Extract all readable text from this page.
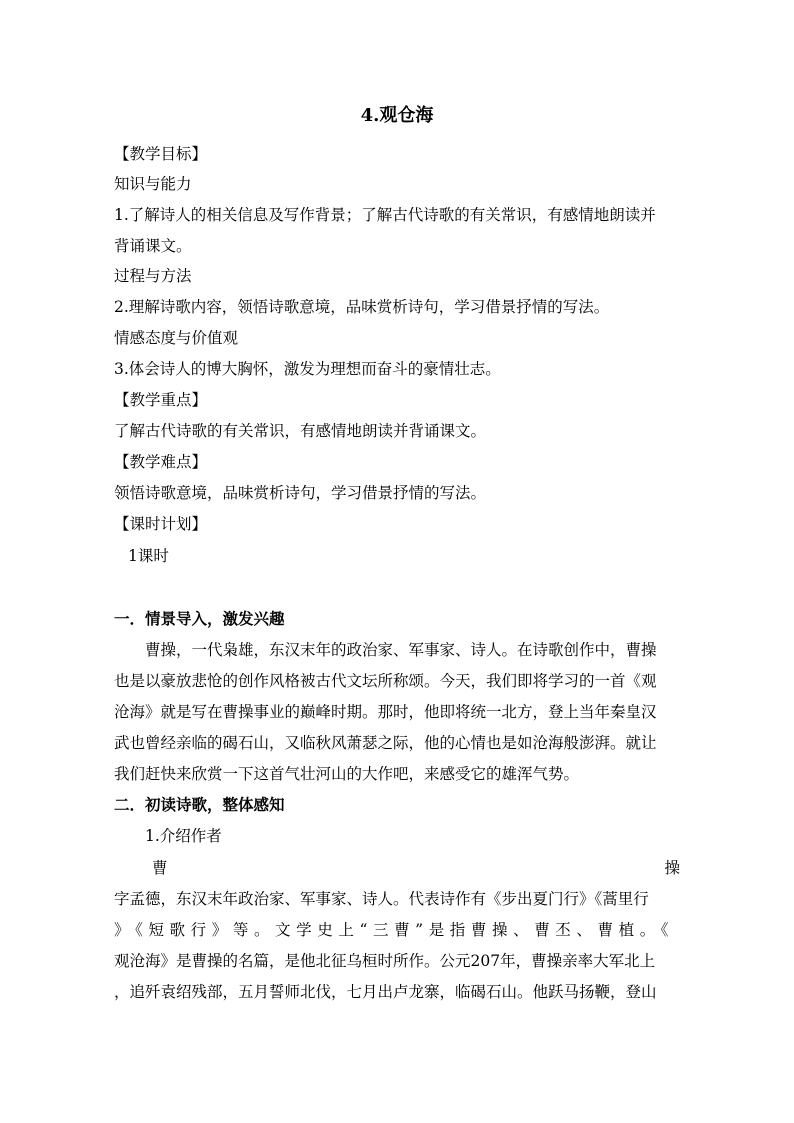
4.观仓海
【教学目标】
知识与能力
1.了解诗人的相关信息及写作背景；了解古代诗歌的有关常识，有感情地朗读并
背诵课文。
过程与方法
2.理解诗歌内容，领悟诗歌意境，品味赏析诗句，学习借景抒情的写法。
情感态度与价值观
3.体会诗人的博大胸怀，激发为理想而奋斗的豪情壮志。
【教学重点】
了解古代诗歌的有关常识，有感情地朗读并背诵课文。
【教学难点】
领悟诗歌意境，品味赏析诗句，学习借景抒情的写法。
【课时计划】
1课时
一．情景导入，激发兴趣
曹操，一代枭雄，东汉末年的政治家、军事家、诗人。在诗歌创作中，曹操
也是以豪放悲怆的创作风格被古代文坛所称颂。今天，我们即将学习的一首《观
沧海》就是写在曹操事业的巅峰时期。那时，他即将统一北方，登上当年秦皇汉
武也曾经亲临的碣石山，又临秋风萧瑟之际，他的心情也是如沧海般澎湃。就让
我们赶快来欣赏一下这首气壮河山的大作吧，来感受它的雄浑气势。
二．初读诗歌，整体感知
1.介绍作者
曹	操
字孟德，东汉末年政治家、军事家、诗人。代表诗作有《步出夏门行》《蒿里行
》《短歌行》等。文学史上“三曹”是指曹操、曹丕、曹植。《
观沧海》是曹操的名篇，是他北征乌桓时所作。公元207年，曹操亲率大军北上
，追歼袁绍残部，五月誓师北伐，七月出卢龙寨，临碣石山。他跃马扬鞭，登山
